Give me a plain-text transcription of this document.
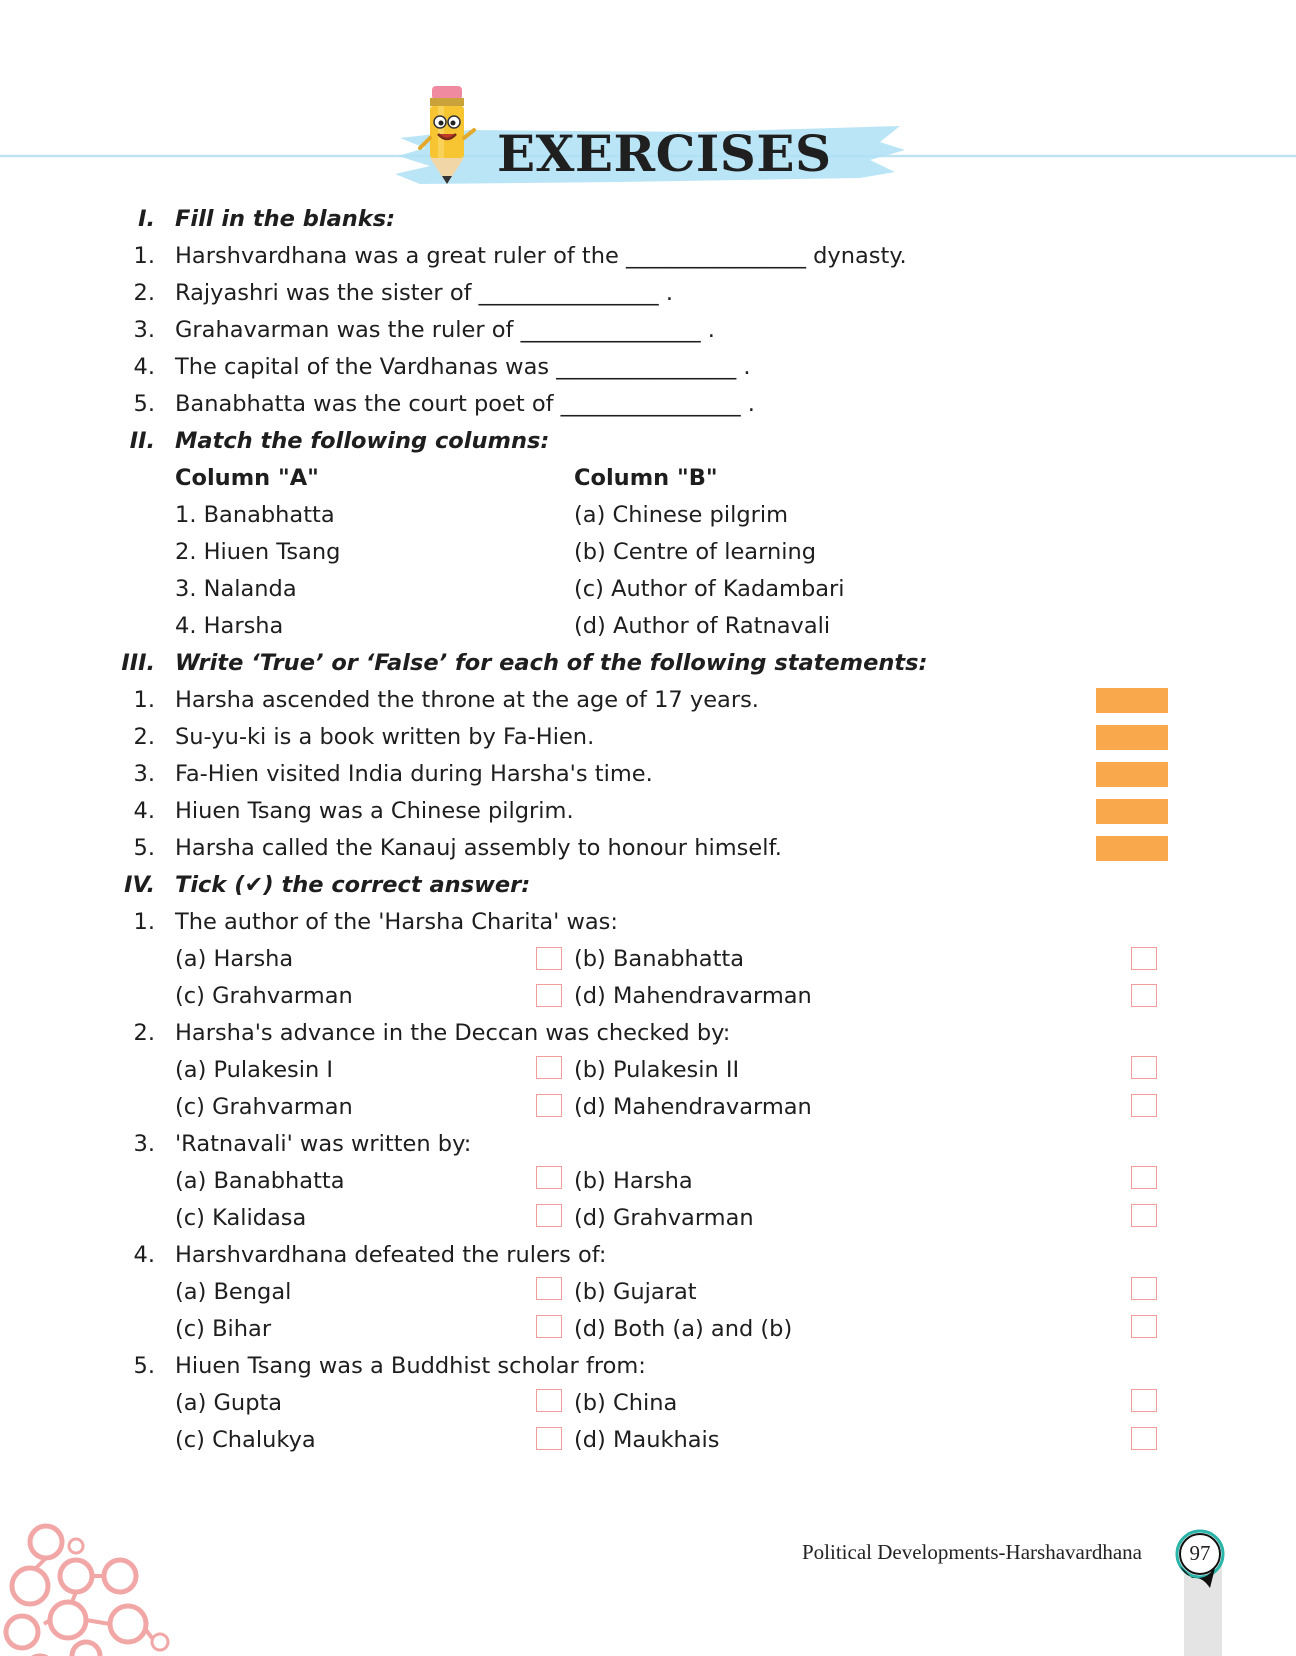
EXERCISES
I. Fill in the blanks:
1. Harshvardhana was a great ruler of the ________________ dynasty.
2. Rajyashri was the sister of ________________ .
3. Grahavarman was the ruler of ________________ .
4. The capital of the Vardhanas was ________________ .
5. Banabhatta was the court poet of ________________ .
II. Match the following columns:
Column "A"	Column "B"
1. Banabhatta	(a) Chinese pilgrim
2. Hiuen Tsang	(b) Centre of learning
3. Nalanda	(c) Author of Kadambari
4. Harsha	(d) Author of Ratnavali
III. Write ‘True’ or ‘False’ for each of the following statements:
1. Harsha ascended the throne at the age of 17 years.
2. Su-yu-ki is a book written by Fa-Hien.
3. Fa-Hien visited India during Harsha's time.
4. Hiuen Tsang was a Chinese pilgrim.
5. Harsha called the Kanauj assembly to honour himself.
IV. Tick (✔) the correct answer:
1. The author of the 'Harsha Charita' was:
(a) Harsha	(b) Banabhatta
(c) Grahvarman	(d) Mahendravarman
2. Harsha's advance in the Deccan was checked by:
(a) Pulakesin I	(b) Pulakesin II
(c) Grahvarman	(d) Mahendravarman
3. 'Ratnavali' was written by:
(a) Banabhatta	(b) Harsha
(c) Kalidasa	(d) Grahvarman
4. Harshvardhana defeated the rulers of:
(a) Bengal	(b) Gujarat
(c) Bihar	(d) Both (a) and (b)
5. Hiuen Tsang was a Buddhist scholar from:
(a) Gupta	(b) China
(c) Chalukya	(d) Maukhais
Political Developments-Harshavardhana	97
